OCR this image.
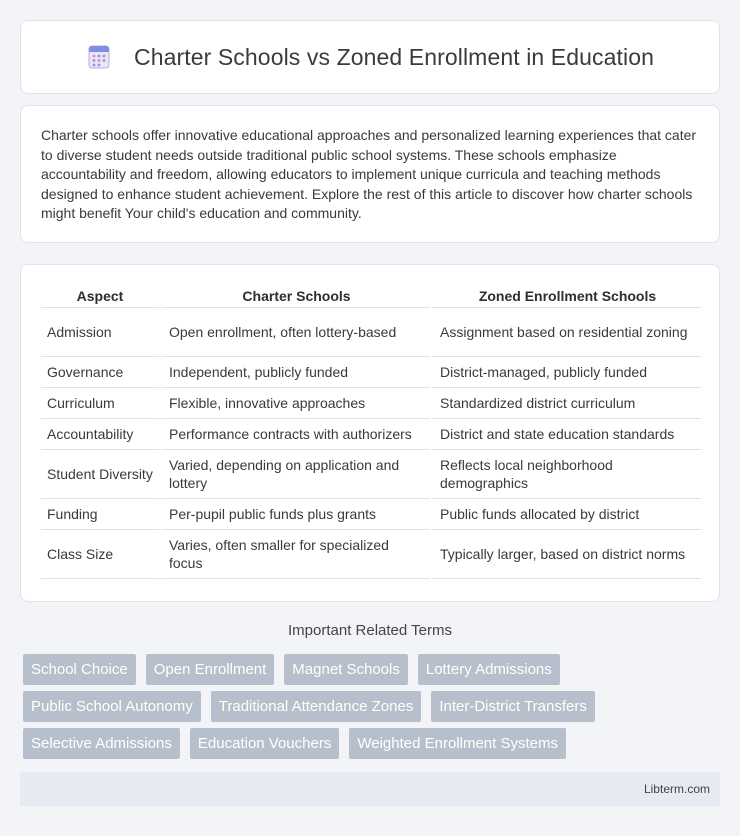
Charter Schools vs Zoned Enrollment in Education

Charter schools offer innovative educational approaches and personalized learning experiences that cater to diverse student needs outside traditional public school systems. These schools emphasize accountability and freedom, allowing educators to implement unique curricula and teaching methods designed to enhance student achievement. Explore the rest of this article to discover how charter schools might benefit Your child's education and community.

Aspect	Charter Schools	Zoned Enrollment Schools
Admission	Open enrollment, often lottery-based	Assignment based on residential zoning
Governance	Independent, publicly funded	District-managed, publicly funded
Curriculum	Flexible, innovative approaches	Standardized district curriculum
Accountability	Performance contracts with authorizers	District and state education standards
Student Diversity	Varied, depending on application and lottery	Reflects local neighborhood demographics
Funding	Per-pupil public funds plus grants	Public funds allocated by district
Class Size	Varies, often smaller for specialized focus	Typically larger, based on district norms
Important Related Terms
School Choice	Open Enrollment	Magnet Schools	Lottery Admissions
Public School Autonomy	Traditional Attendance Zones	Inter-District Transfers
Selective Admissions	Education Vouchers	Weighted Enrollment Systems
Libterm.com
